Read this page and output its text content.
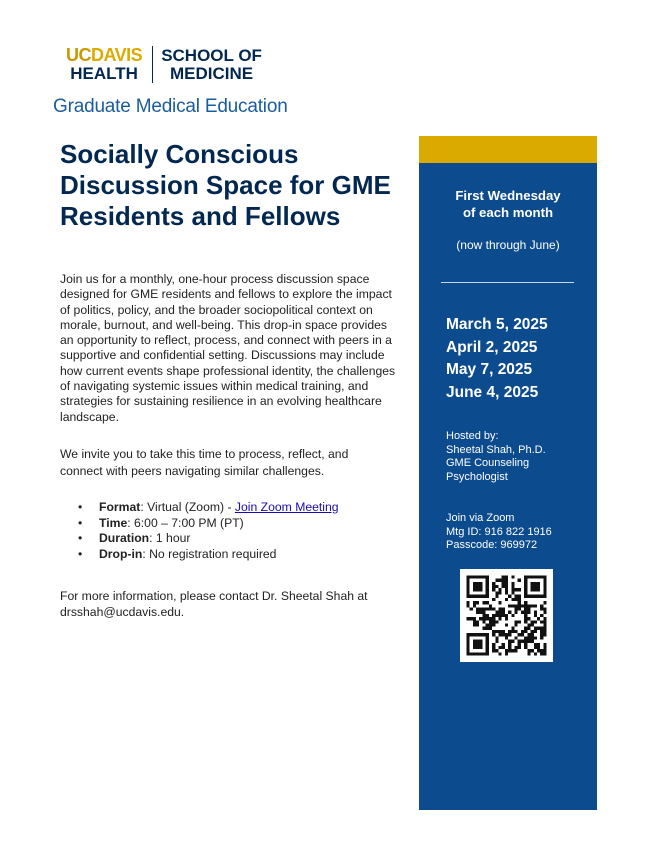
UCDAVIS
HEALTH
SCHOOL OF
MEDICINE
Graduate Medical Education
Socially Conscious Discussion Space for GME Residents and Fellows

Join us for a monthly, one-hour process discussion space designed for GME residents and fellows to explore the impact of politics, policy, and the broader sociopolitical context on morale, burnout, and well-being. This drop-in space provides an opportunity to reflect, process, and connect with peers in a supportive and confidential setting. Discussions may include how current events shape professional identity, the challenges of navigating systemic issues within medical training, and strategies for sustaining resilience in an evolving healthcare landscape.

We invite you to take this time to process, reflect, and connect with peers navigating similar challenges.

• Format: Virtual (Zoom) - Join Zoom Meeting
• Time: 6:00 – 7:00 PM (PT)
• Duration: 1 hour
• Drop-in: No registration required

For more information, please contact Dr. Sheetal Shah at drsshah@ucdavis.edu.

First Wednesday
of each month

(now through June)

March 5, 2025
April 2, 2025
May 7, 2025
June 4, 2025
Hosted by:
Sheetal Shah, Ph.D.
GME Counseling
Psychologist
Join via Zoom
Mtg ID: 916 822 1916
Passcode: 969972
